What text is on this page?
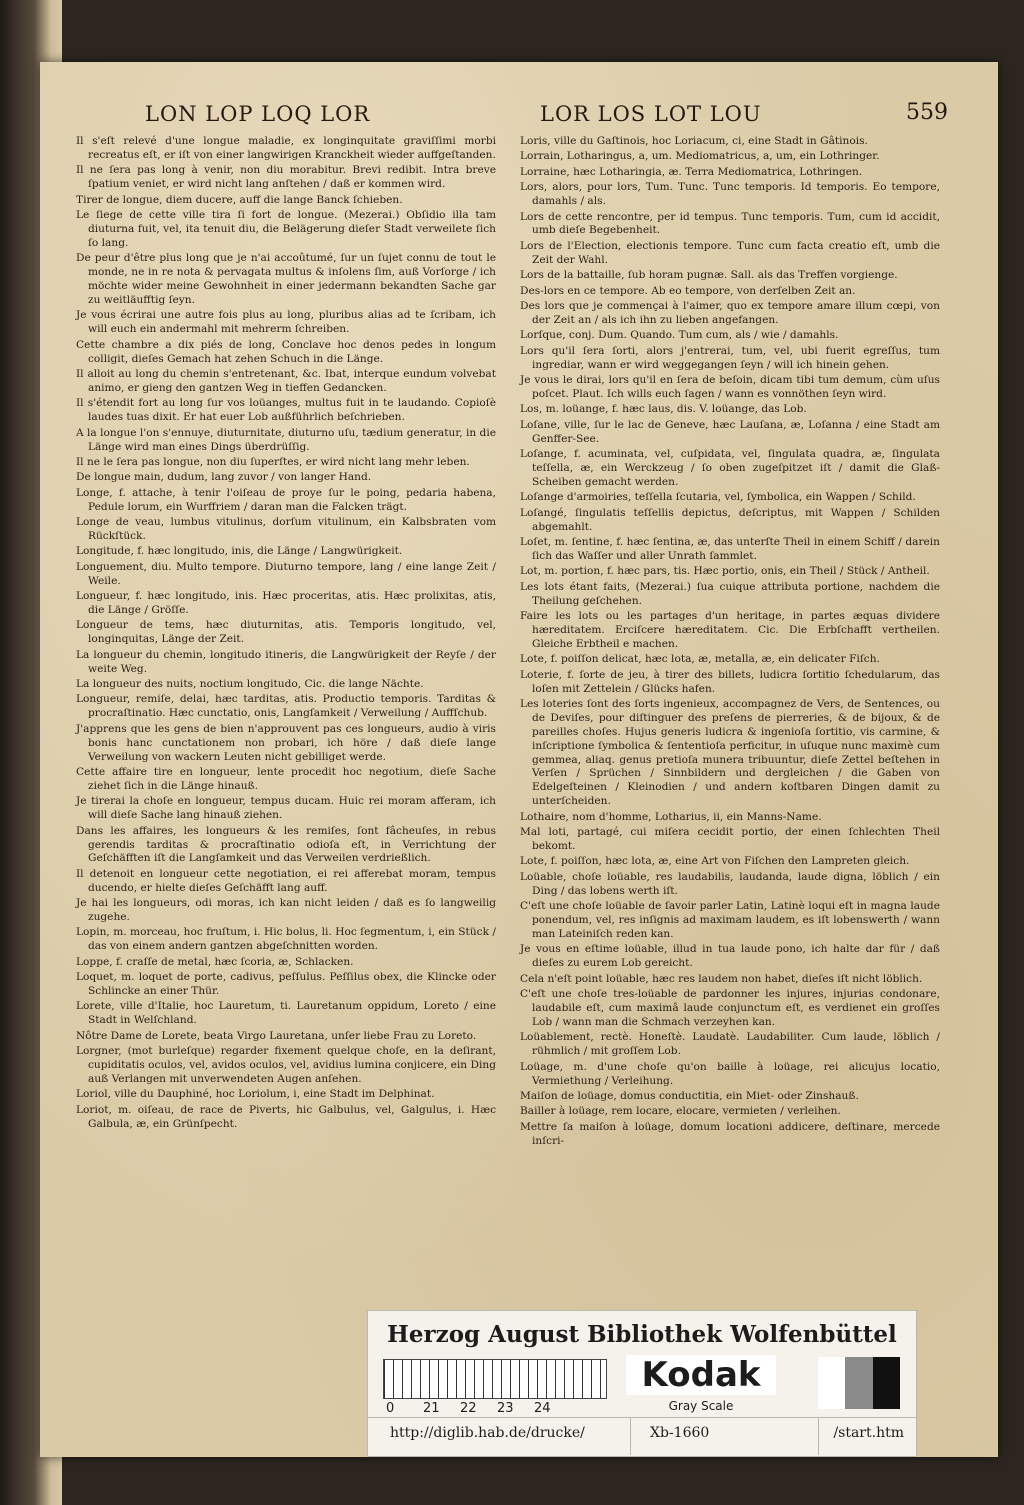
LON LOP LOQ LOR	LOR LOS LOT LOU	559
Il s'eſt relevé d'une longue maladie, ex longinquitate graviſſimi morbi recreatus eſt, er iſt von einer langwirigen Kranckheit wieder auffgeſtanden.
Il ne ſera pas long à venir, non diu morabitur. Brevi redibit. Intra breve ſpatium veniet, er wird nicht lang anſtehen / daß er kommen wird.
Tirer de longue, diem ducere, auff die lange Banck ſchieben.
Le ſiege de cette ville tira ſi fort de longue. (Mezerai.) Obſidio illa tam diuturna fuit, vel, ita tenuit diu, die Belägerung dieſer Stadt verweilete ſich ſo lang.
De peur d'être plus long que je n'ai accoûtumé, ſur un ſujet connu de tout le monde, ne in re nota & pervagata multus & inſolens ſim, auß Vorſorge / ich möchte wider meine Gewohnheit in einer jedermann bekandten Sache gar zu weitläufftig ſeyn.
Je vous écrirai une autre fois plus au long, pluribus alias ad te ſcribam, ich will euch ein andermahl mit mehrerm ſchreiben.
Cette chambre a dix piés de long, Conclave hoc denos pedes in longum colligit, dieſes Gemach hat zehen Schuch in die Länge.
Il alloit au long du chemin s'entretenant, &c. Ibat, interque eundum volvebat animo, er gieng den gantzen Weg in tieffen Gedancken.
Il s'étendit fort au long ſur vos loüanges, multus fuit in te laudando. Copioſè laudes tuas dixit. Er hat euer Lob außführlich beſchrieben.
A la longue l'on s'ennuye, diuturnitate, diuturno uſu, tædium generatur, in die Länge wird man eines Dings überdrüſſig.
Il ne le ſera pas longue, non diu ſuperſtes, er wird nicht lang mehr leben.
De longue main, dudum, lang zuvor / von langer Hand.
Longe, f. attache, à tenir l'oiſeau de proye ſur le poing, pedaria habena, Pedule lorum, ein Wurffriem / daran man die Falcken trägt.
Longe de veau, lumbus vitulinus, dorſum vitulinum, ein Kalbsbraten vom Rückſtück.
Longitude, f. hæc longitudo, inis, die Länge / Langwürigkeit.
Longuement, diu. Multo tempore. Diuturno tempore, lang / eine lange Zeit / Weile.
Longueur, f. hæc longitudo, inis. Hæc proceritas, atis. Hæc prolixitas, atis, die Länge / Gröſſe.
Longueur de tems, hæc diuturnitas, atis. Temporis longitudo, vel, longinquitas, Länge der Zeit.
La longueur du chemin, longitudo itineris, die Langwürigkeit der Reyſe / der weite Weg.
La longueur des nuits, noctium longitudo, Cic. die lange Nächte.
Longueur, remiſe, delai, hæc tarditas, atis. Productio temporis. Tarditas & procraſtinatio. Hæc cunctatio, onis, Langſamkeit / Verweilung / Auffſchub.
J'apprens que les gens de bien n'approuvent pas ces longueurs, audio à viris bonis hanc cunctationem non probari, ich höre / daß dieſe lange Verweilung von wackern Leuten nicht gebilliget werde.
Cette affaire tire en longueur, lente procedit hoc negotium, dieſe Sache ziehet ſich in die Länge hinauß.
Je tirerai la choſe en longueur, tempus ducam. Huic rei moram afferam, ich will dieſe Sache lang hinauß ziehen.
Dans les affaires, les longueurs & les remiſes, ſont fâcheuſes, in rebus gerendis tarditas & procraſtinatio odioſa eſt, in Verrichtung der Geſchäfften iſt die Langſamkeit und das Verweilen verdrießlich.
Il detenoit en longueur cette negotiation, ei rei afferebat moram, tempus ducendo, er hielte dieſes Geſchäfft lang auff.
Je hai les longueurs, odi moras, ich kan nicht leiden / daß es ſo langweilig zugehe.
Lopin, m. morceau, hoc fruſtum, i. Hic bolus, li. Hoc ſegmentum, i, ein Stück / das von einem andern gantzen abgeſchnitten worden.
Loppe, f. craſſe de metal, hæc ſcoria, æ, Schlacken.
Loquet, m. loquet de porte, cadivus, peſſulus. Peſſilus obex, die Klincke oder Schlincke an einer Thür.
Lorete, ville d'Italie, hoc Lauretum, ti. Lauretanum oppidum, Loreto / eine Stadt in Welſchland.
Nôtre Dame de Lorete, beata Virgo Lauretana, unſer liebe Frau zu Loreto.
Lorgner, (mot burleſque) regarder fixement quelque choſe, en la deſirant, cupiditatis oculos, vel, avidos oculos, vel, avidius lumina conjicere, ein Ding auß Verlangen mit unverwendeten Augen anſehen.
Loriol, ville du Dauphiné, hoc Loriolum, i, eine Stadt im Delphinat.
Loriot, m. oiſeau, de race de Piverts, hic Galbulus, vel, Galgulus, i. Hæc Galbula, æ, ein Grünſpecht.
Loris, ville du Gaſtinois, hoc Loriacum, ci, eine Stadt in Gâtinois.
Lorrain, Lotharingus, a, um. Mediomatricus, a, um, ein Lothringer.
Lorraine, hæc Lotharingia, æ. Terra Mediomatrica, Lothringen.
Lors, alors, pour lors, Tum. Tunc. Tunc temporis. Id temporis. Eo tempore, damahls / als.
Lors de cette rencontre, per id tempus. Tunc temporis. Tum, cum id accidit, umb dieſe Begebenheit.
Lors de l'Election, electionis tempore. Tunc cum facta creatio eſt, umb die Zeit der Wahl.
Lors de la battaille, ſub horam pugnæ. Sall. als das Treffen vorgienge.
Des-lors en ce tempore. Ab eo tempore, von derſelben Zeit an.
Des lors que je commençai à l'aimer, quo ex tempore amare illum cœpi, von der Zeit an / als ich ihn zu lieben angefangen.
Lorſque, conj. Dum. Quando. Tum cum, als / wie / damahls.
Lors qu'il ſera ſorti, alors j'entrerai, tum, vel, ubi fuerit egreſſus, tum ingrediar, wann er wird weggegangen ſeyn / will ich hinein gehen.
Je vous le dirai, lors qu'il en ſera de beſoin, dicam tibi tum demum, cùm uſus poſcet. Plaut. Ich wills euch ſagen / wann es vonnöthen ſeyn wird.
Los, m. loüange, f. hæc laus, dis. V. loüange, das Lob.
Loſane, ville, ſur le lac de Geneve, hæc Lauſana, æ, Loſanna / eine Stadt am Genffer-See.
Loſange, f. acuminata, vel, cuſpidata, vel, ſingulata quadra, æ, ſingulata teſſella, æ, ein Werckzeug / ſo oben zugeſpitzet iſt / damit die Glaß-Scheiben gemacht werden.
Loſange d'armoiries, teſſella ſcutaria, vel, ſymbolica, ein Wappen / Schild.
Loſangé, ſingulatis teſſellis depictus, deſcriptus, mit Wappen / Schilden abgemahlt.
Loſet, m. ſentine, f. hæc ſentina, æ, das unterſte Theil in einem Schiff / darein ſich das Waſſer und aller Unrath ſammlet.
Lot, m. portion, f. hæc pars, tis. Hæc portio, onis, ein Theil / Stück / Antheil.
Les lots étant faits, (Mezerai.) ſua cuique attributa portione, nachdem die Theilung geſchehen.
Faire les lots ou les partages d'un heritage, in partes æquas dividere hæreditatem. Erciſcere hæreditatem. Cic. Die Erbſchafft vertheilen. Gleiche Erbtheil e machen.
Lote, f. poiſſon delicat, hæc lota, æ, metalla, æ, ein delicater Fiſch.
Loterie, f. ſorte de jeu, à tirer des billets, ludicra ſortitio ſchedularum, das loſen mit Zettelein / Glücks hafen.
Les loteries ſont des ſorts ingenieux, accompagnez de Vers, de Sentences, ou de Deviſes, pour diſtinguer des preſens de pierreries, & de bijoux, & de pareilles choſes. Hujus generis ludicra & ingenioſa ſortitio, vis carmine, & inſcriptione ſymbolica & ſententioſa perficitur, in uſuque nunc maximè cum gemmea, aliaq. genus pretioſa munera tribuuntur, dieſe Zettel beſtehen in Verſen / Sprüchen / Sinnbildern und dergleichen / die Gaben von Edelgeſteinen / Kleinodien / und andern koſtbaren Dingen damit zu unterſcheiden.
Lothaire, nom d'homme, Lotharius, ii, ein Manns-Name.
Mal loti, partagé, cui miſera cecidit portio, der einen ſchlechten Theil bekomt.
Lote, f. poiſſon, hæc lota, æ, eine Art von Fiſchen den Lampreten gleich.
Loüable, choſe loüable, res laudabilis, laudanda, laude digna, löblich / ein Ding / das lobens werth iſt.
C'eſt une choſe loüable de ſavoir parler Latin, Latinè loqui eſt in magna laude ponendum, vel, res inſignis ad maximam laudem, es iſt lobenswerth / wann man Lateiniſch reden kan.
Je vous en eſtime loüable, illud in tua laude pono, ich halte dar für / daß dieſes zu eurem Lob gereicht.
Cela n'eſt point loüable, hæc res laudem non habet, dieſes iſt nicht löblich.
C'eſt une choſe tres-loüable de pardonner les injures, injurias condonare, laudabile eſt, cum maximâ laude conjunctum eſt, es verdienet ein groſſes Lob / wann man die Schmach verzeyhen kan.
Loüablement, rectè. Honeſtè. Laudatè. Laudabiliter. Cum laude, löblich / rühmlich / mit groſſem Lob.
Loüage, m. d'une choſe qu'on baille à loüage, rei alicujus locatio, Vermiethung / Verleihung.
Maiſon de loüage, domus conductitia, ein Miet- oder Zinshauß.
Bailler à loüage, rem locare, elocare, vermieten / verleihen.
Mettre ſa maiſon à loüage, domum locationi addicere, deſtinare, mercede inſcri-
Herzog August Bibliothek Wolfenbüttel
0	21	22	23	24
Kodak
Gray Scale
http://diglib.hab.de/drucke/	Xb-1660	/start.htm
